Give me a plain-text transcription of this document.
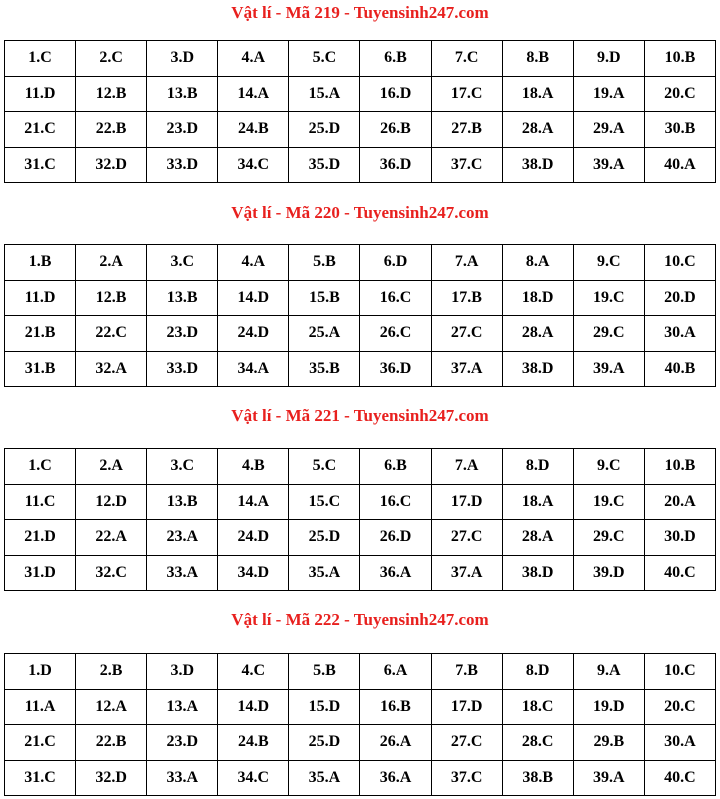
Vật lí - Mã 219 - Tuyensinh247.com
1.C	2.C	3.D	4.A	5.C	6.B	7.C	8.B	9.D	10.B
11.D	12.B	13.B	14.A	15.A	16.D	17.C	18.A	19.A	20.C
21.C	22.B	23.D	24.B	25.D	26.B	27.B	28.A	29.A	30.B
31.C	32.D	33.D	34.C	35.D	36.D	37.C	38.D	39.A	40.A
Vật lí - Mã 220 - Tuyensinh247.com
1.B	2.A	3.C	4.A	5.B	6.D	7.A	8.A	9.C	10.C
11.D	12.B	13.B	14.D	15.B	16.C	17.B	18.D	19.C	20.D
21.B	22.C	23.D	24.D	25.A	26.C	27.C	28.A	29.C	30.A
31.B	32.A	33.D	34.A	35.B	36.D	37.A	38.D	39.A	40.B
Vật lí - Mã 221 - Tuyensinh247.com
1.C	2.A	3.C	4.B	5.C	6.B	7.A	8.D	9.C	10.B
11.C	12.D	13.B	14.A	15.C	16.C	17.D	18.A	19.C	20.A
21.D	22.A	23.A	24.D	25.D	26.D	27.C	28.A	29.C	30.D
31.D	32.C	33.A	34.D	35.A	36.A	37.A	38.D	39.D	40.C
Vật lí - Mã 222 - Tuyensinh247.com
1.D	2.B	3.D	4.C	5.B	6.A	7.B	8.D	9.A	10.C
11.A	12.A	13.A	14.D	15.D	16.B	17.D	18.C	19.D	20.C
21.C	22.B	23.D	24.B	25.D	26.A	27.C	28.C	29.B	30.A
31.C	32.D	33.A	34.C	35.A	36.A	37.C	38.B	39.A	40.C
